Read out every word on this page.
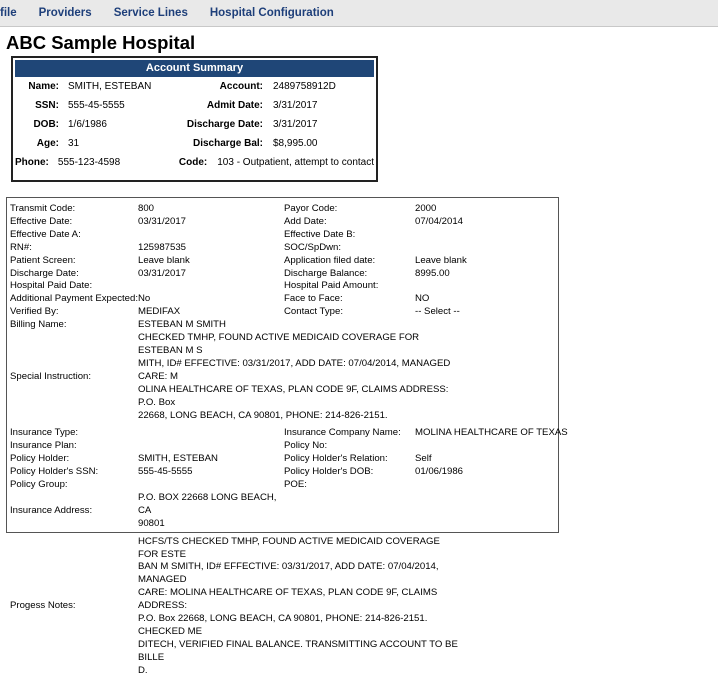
file	Providers	Service Lines	Hospital Configuration
ABC Sample Hospital
Account Summary
Name: SMITH, ESTEBAN	Account:	2489758912D
SSN: 555-45-5555	Admit Date:	3/31/2017
DOB: 1/6/1986	Discharge Date:	3/31/2017
Age: 31	Discharge Bal:	$8,995.00
Phone: 555-123-4598	Code:	103 - Outpatient, attempt to contact
Transmit Code:	800	Payor Code:	2000
Effective Date:	03/31/2017	Add Date:	07/04/2014
Effective Date A:	Effective Date B:
RN#:	125987535	SOC/SpDwn:
Patient Screen:	Leave blank	Application filed date:	Leave blank
Discharge Date:	03/31/2017	Discharge Balance:	8995.00
Hospital Paid Date:	Hospital Paid Amount:
Additional Payment Expected: No	Face to Face:	NO
Verified By:	MEDIFAX	Contact Type:	-- Select --
Billing Name:	ESTEBAN M SMITH
Special Instruction:
CHECKED TMHP, FOUND ACTIVE MEDICAID COVERAGE FOR ESTEBAN M S
MITH, ID# EFFECTIVE: 03/31/2017, ADD DATE: 07/04/2014, MANAGED CARE: M
OLINA HEALTHCARE OF TEXAS, PLAN CODE 9F, CLAIMS ADDRESS: P.O. Box
22668, LONG BEACH, CA 90801, PHONE: 214-826-2151.
Insurance Type:	Insurance Company Name:	MOLINA HEALTHCARE OF TEXAS
Insurance Plan:	Policy No:
Policy Holder:	SMITH, ESTEBAN	Policy Holder's Relation:	Self
Policy Holder's SSN:	555-45-5555	Policy Holder's DOB:	01/06/1986
Policy Group:	POE:
Insurance Address:
P.O. BOX 22668 LONG BEACH, CA
90801
Progess Notes:
HCFS/TS CHECKED TMHP, FOUND ACTIVE MEDICAID COVERAGE FOR ESTE
BAN M SMITH, ID# EFFECTIVE: 03/31/2017, ADD DATE: 07/04/2014, MANAGED
CARE: MOLINA HEALTHCARE OF TEXAS, PLAN CODE 9F, CLAIMS ADDRESS:
P.O. Box 22668, LONG BEACH, CA 90801, PHONE: 214-826-2151. CHECKED ME
DITECH, VERIFIED FINAL BALANCE. TRANSMITTING ACCOUNT TO BE BILLE
D.
